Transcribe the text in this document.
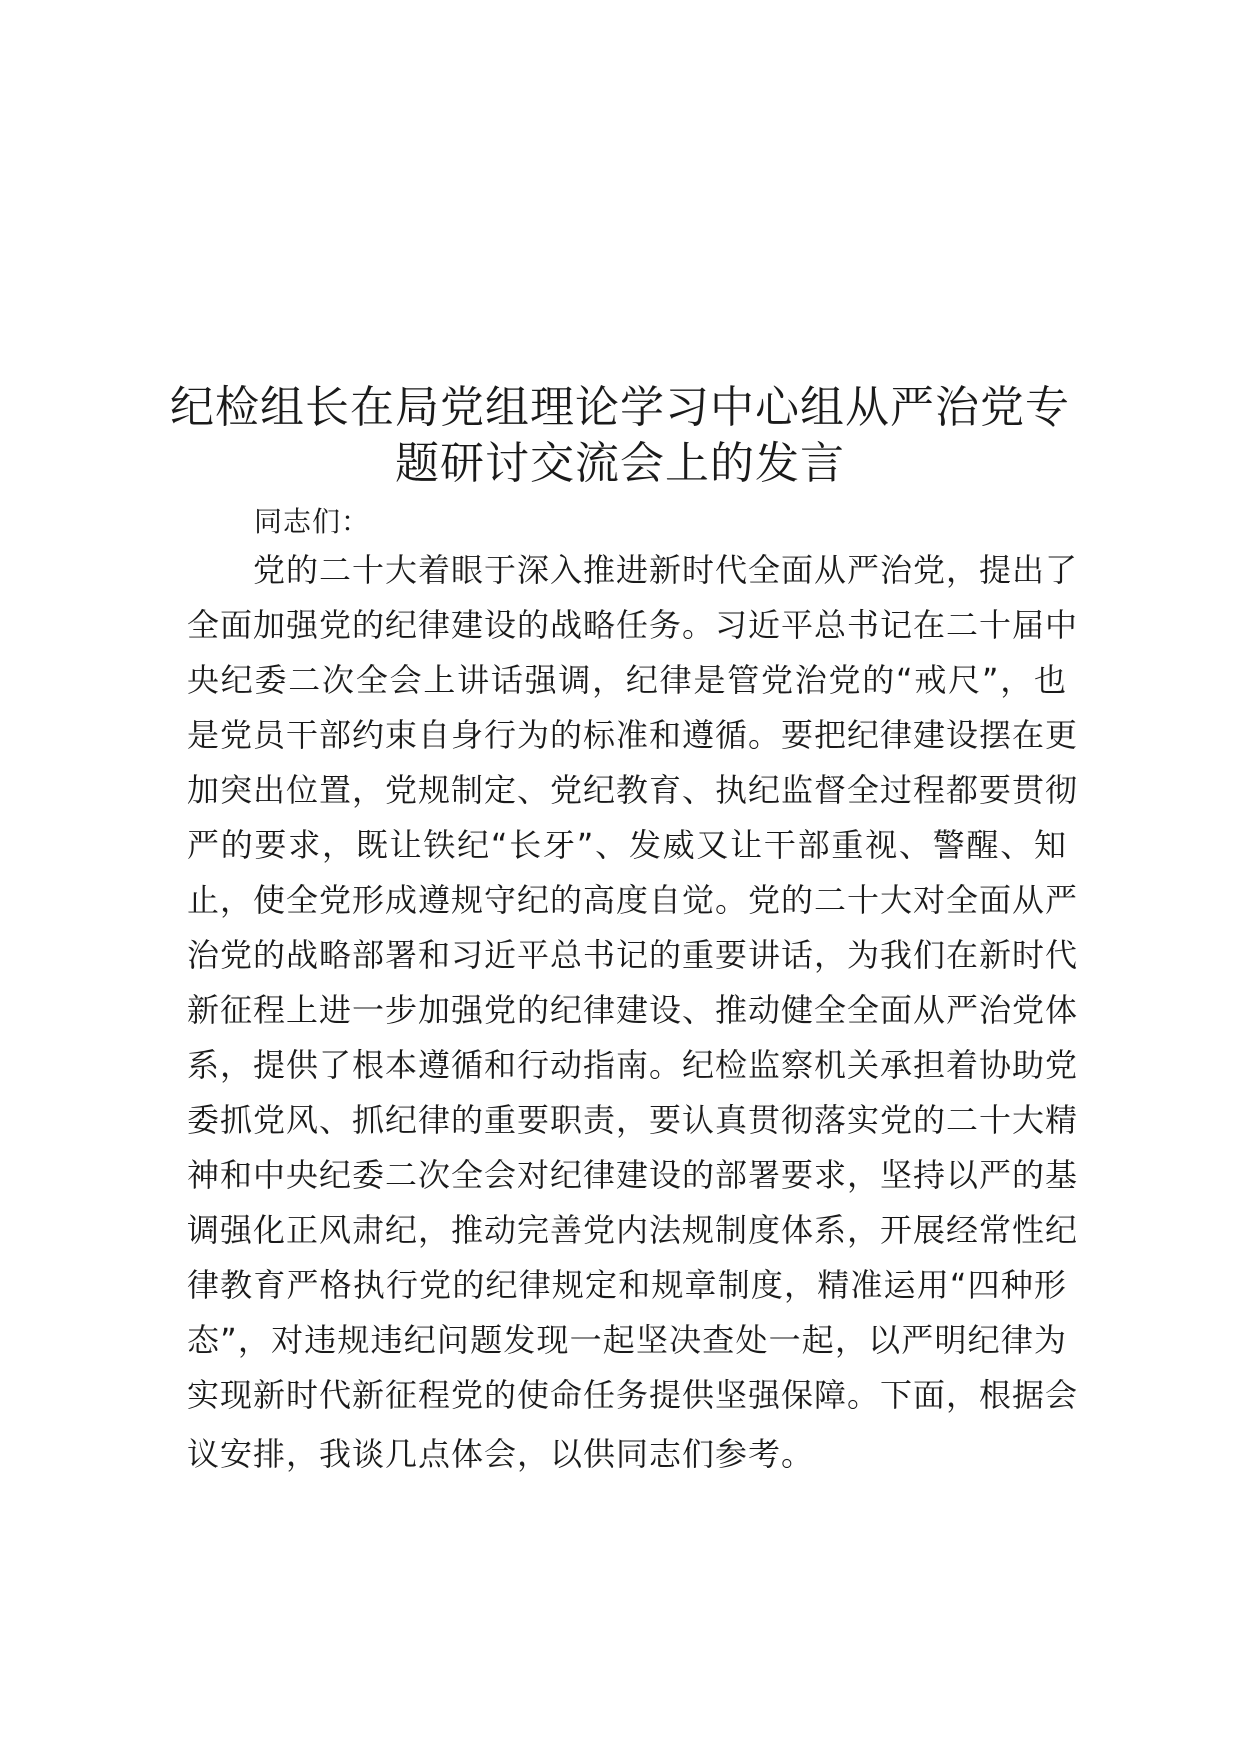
纪检组长在局党组理论学习中心组从严治党专
题研讨交流会上的发言
同志们：
党的二十大着眼于深入推进新时代全面从严治党，提出了
全面加强党的纪律建设的战略任务。习近平总书记在二十届中
央纪委二次全会上讲话强调，纪律是管党治党的“戒尺”，也
是党员干部约束自身行为的标准和遵循。要把纪律建设摆在更
加突出位置，党规制定、党纪教育、执纪监督全过程都要贯彻
严的要求，既让铁纪“长牙”、发威又让干部重视、警醒、知
止，使全党形成遵规守纪的高度自觉。党的二十大对全面从严
治党的战略部署和习近平总书记的重要讲话，为我们在新时代
新征程上进一步加强党的纪律建设、推动健全全面从严治党体
系，提供了根本遵循和行动指南。纪检监察机关承担着协助党
委抓党风、抓纪律的重要职责，要认真贯彻落实党的二十大精
神和中央纪委二次全会对纪律建设的部署要求，坚持以严的基
调强化正风肃纪，推动完善党内法规制度体系，开展经常性纪
律教育严格执行党的纪律规定和规章制度，精准运用“四种形
态”，对违规违纪问题发现一起坚决查处一起，以严明纪律为
实现新时代新征程党的使命任务提供坚强保障。下面，根据会
议安排，我谈几点体会，以供同志们参考。
